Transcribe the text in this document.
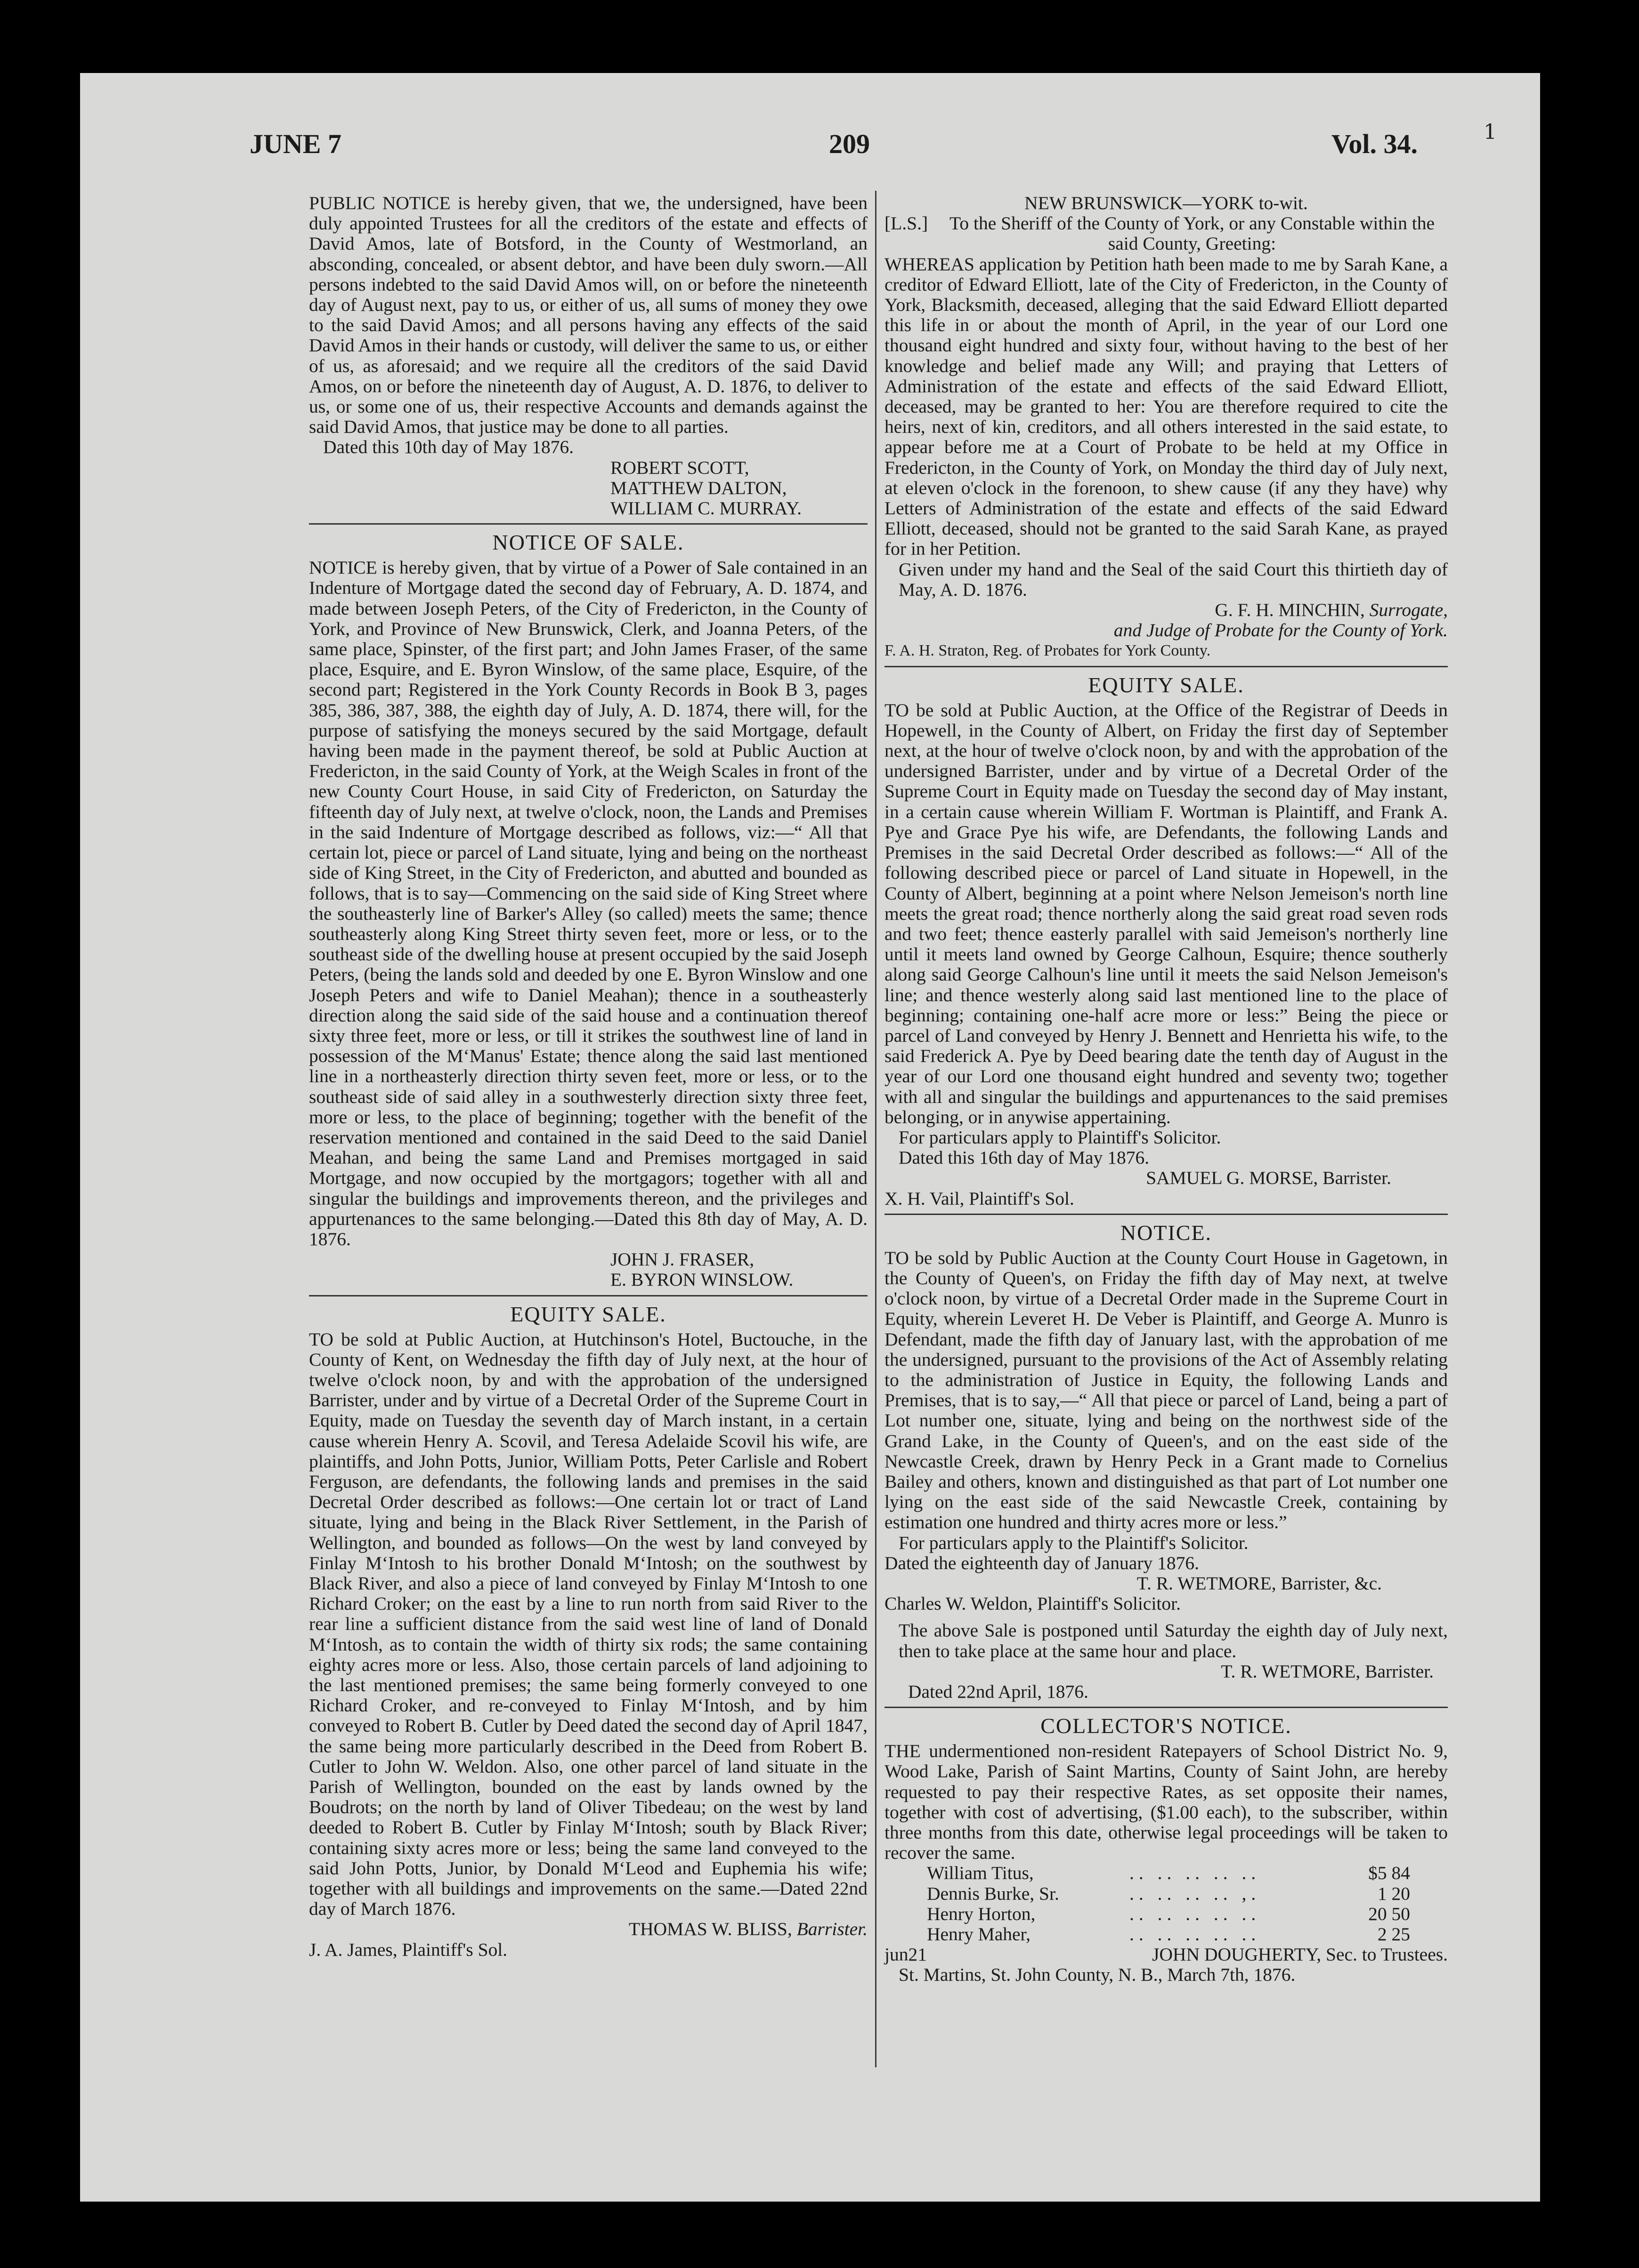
1
JUNE 7	209	Vol. 34.

PUBLIC NOTICE is hereby given, that we, the undersigned, have been duly appointed Trustees for all the creditors of the estate and effects of David Amos, late of Botsford, in the County of Westmorland, an absconding, concealed, or absent debtor, and have been duly sworn.—All persons indebted to the said David Amos will, on or before the nineteenth day of August next, pay to us, or either of us, all sums of money they owe to the said David Amos; and all persons having any effects of the said David Amos in their hands or custody, will deliver the same to us, or either of us, as aforesaid; and we require all the creditors of the said David Amos, on or before the nineteenth day of August, A. D. 1876, to deliver to us, or some one of us, their respective Accounts and demands against the said David Amos, that justice may be done to all parties.

Dated this 10th day of May 1876.

ROBERT SCOTT,

MATTHEW DALTON,

WILLIAM C. MURRAY.

NOTICE OF SALE.

NOTICE is hereby given, that by virtue of a Power of Sale contained in an Indenture of Mortgage dated the second day of February, A. D. 1874, and made between Joseph Peters, of the City of Fredericton, in the County of York, and Province of New Brunswick, Clerk, and Joanna Peters, of the same place, Spinster, of the first part; and John James Fraser, of the same place, Esquire, and E. Byron Winslow, of the same place, Esquire, of the second part; Registered in the York County Records in Book B 3, pages 385, 386, 387, 388, the eighth day of July, A. D. 1874, there will, for the purpose of satisfying the moneys secured by the said Mortgage, default having been made in the payment thereof, be sold at Public Auction at Fredericton, in the said County of York, at the Weigh Scales in front of the new County Court House, in said City of Fredericton, on Saturday the fifteenth day of July next, at twelve o'clock, noon, the Lands and Premises in the said Indenture of Mortgage described as follows, viz:—“ All that certain lot, piece or parcel of Land situate, lying and being on the northeast side of King Street, in the City of Fredericton, and abutted and bounded as follows, that is to say—Commencing on the said side of King Street where the southeasterly line of Barker's Alley (so called) meets the same; thence southeasterly along King Street thirty seven feet, more or less, or to the southeast side of the dwelling house at present occupied by the said Joseph Peters, (being the lands sold and deeded by one E. Byron Winslow and one Joseph Peters and wife to Daniel Meahan); thence in a southeasterly direction along the said side of the said house and a continuation thereof sixty three feet, more or less, or till it strikes the southwest line of land in possession of the M‘Manus' Estate; thence along the said last mentioned line in a northeasterly direction thirty seven feet, more or less, or to the southeast side of said alley in a southwesterly direction sixty three feet, more or less, to the place of beginning; together with the benefit of the reservation mentioned and contained in the said Deed to the said Daniel Meahan, and being the same Land and Premises mortgaged in said Mortgage, and now occupied by the mortgagors; together with all and singular the buildings and improvements thereon, and the privileges and appurtenances to the same belonging.—Dated this 8th day of May, A. D. 1876.

JOHN J. FRASER,

E. BYRON WINSLOW.

EQUITY SALE.

TO be sold at Public Auction, at Hutchinson's Hotel, Buctouche, in the County of Kent, on Wednesday the fifth day of July next, at the hour of twelve o'clock noon, by and with the approbation of the undersigned Barrister, under and by virtue of a Decretal Order of the Supreme Court in Equity, made on Tuesday the seventh day of March instant, in a certain cause wherein Henry A. Scovil, and Teresa Adelaide Scovil his wife, are plaintiffs, and John Potts, Junior, William Potts, Peter Carlisle and Robert Ferguson, are defendants, the following lands and premises in the said Decretal Order described as follows:—One certain lot or tract of Land situate, lying and being in the Black River Settlement, in the Parish of Wellington, and bounded as follows—On the west by land conveyed by Finlay M‘Intosh to his brother Donald M‘Intosh; on the southwest by Black River, and also a piece of land conveyed by Finlay M‘Intosh to one Richard Croker; on the east by a line to run north from said River to the rear line a sufficient distance from the said west line of land of Donald M‘Intosh, as to contain the width of thirty six rods; the same containing eighty acres more or less. Also, those certain parcels of land adjoining to the last mentioned premises; the same being formerly conveyed to one Richard Croker, and re-conveyed to Finlay M‘Intosh, and by him conveyed to Robert B. Cutler by Deed dated the second day of April 1847, the same being more particularly described in the Deed from Robert B. Cutler to John W. Weldon. Also, one other parcel of land situate in the Parish of Wellington, bounded on the east by lands owned by the Boudrots; on the north by land of Oliver Tibedeau; on the west by land deeded to Robert B. Cutler by Finlay M‘Intosh; south by Black River; containing sixty acres more or less; being the same land conveyed to the said John Potts, Junior, by Donald M‘Leod and Euphemia his wife; together with all buildings and improvements on the same.—Dated 22nd day of March 1876.

THOMAS W. BLISS, Barrister.

J. A. James, Plaintiff's Sol.

NEW BRUNSWICK—YORK to-wit.

[L.S.]	To the Sheriff of the County of York, or any Constable within the said County, Greeting:

WHEREAS application by Petition hath been made to me by Sarah Kane, a creditor of Edward Elliott, late of the City of Fredericton, in the County of York, Blacksmith, deceased, alleging that the said Edward Elliott departed this life in or about the month of April, in the year of our Lord one thousand eight hundred and sixty four, without having to the best of her knowledge and belief made any Will; and praying that Letters of Administration of the estate and effects of the said Edward Elliott, deceased, may be granted to her: You are therefore required to cite the heirs, next of kin, creditors, and all others interested in the said estate, to appear before me at a Court of Probate to be held at my Office in Fredericton, in the County of York, on Monday the third day of July next, at eleven o'clock in the forenoon, to shew cause (if any they have) why Letters of Administration of the estate and effects of the said Edward Elliott, deceased, should not be granted to the said Sarah Kane, as prayed for in her Petition.

Given under my hand and the Seal of the said Court this thirtieth day of May, A. D. 1876.

G. F. H. MINCHIN, Surrogate,

and Judge of Probate for the County of York.

F. A. H. Straton, Reg. of Probates for York County.

EQUITY SALE.

TO be sold at Public Auction, at the Office of the Registrar of Deeds in Hopewell, in the County of Albert, on Friday the first day of September next, at the hour of twelve o'clock noon, by and with the approbation of the undersigned Barrister, under and by virtue of a Decretal Order of the Supreme Court in Equity made on Tuesday the second day of May instant, in a certain cause wherein William F. Wortman is Plaintiff, and Frank A. Pye and Grace Pye his wife, are Defendants, the following Lands and Premises in the said Decretal Order described as follows:—“ All of the following described piece or parcel of Land situate in Hopewell, in the County of Albert, beginning at a point where Nelson Jemeison's north line meets the great road; thence northerly along the said great road seven rods and two feet; thence easterly parallel with said Jemeison's northerly line until it meets land owned by George Calhoun, Esquire; thence southerly along said George Calhoun's line until it meets the said Nelson Jemeison's line; and thence westerly along said last mentioned line to the place of beginning; containing one-half acre more or less:” Being the piece or parcel of Land conveyed by Henry J. Bennett and Henrietta his wife, to the said Frederick A. Pye by Deed bearing date the tenth day of August in the year of our Lord one thousand eight hundred and seventy two; together with all and singular the buildings and appurtenances to the said premises belonging, or in anywise appertaining.

For particulars apply to Plaintiff's Solicitor.

Dated this 16th day of May 1876.

SAMUEL G. MORSE, Barrister.

X. H. Vail, Plaintiff's Sol.

NOTICE.

TO be sold by Public Auction at the County Court House in Gagetown, in the County of Queen's, on Friday the fifth day of May next, at twelve o'clock noon, by virtue of a Decretal Order made in the Supreme Court in Equity, wherein Leveret H. De Veber is Plaintiff, and George A. Munro is Defendant, made the fifth day of January last, with the approbation of me the undersigned, pursuant to the provisions of the Act of Assembly relating to the administration of Justice in Equity, the following Lands and Premises, that is to say,—“ All that piece or parcel of Land, being a part of Lot number one, situate, lying and being on the northwest side of the Grand Lake, in the County of Queen's, and on the east side of the Newcastle Creek, drawn by Henry Peck in a Grant made to Cornelius Bailey and others, known and distinguished as that part of Lot number one lying on the east side of the said Newcastle Creek, containing by estimation one hundred and thirty acres more or less.”

For particulars apply to the Plaintiff's Solicitor.

Dated the eighteenth day of January 1876.

T. R. WETMORE, Barrister, &c.

Charles W. Weldon, Plaintiff's Solicitor.

The above Sale is postponed until Saturday the eighth day of July next, then to take place at the same hour and place.

T. R. WETMORE, Barrister.

Dated 22nd April, 1876.

COLLECTOR'S NOTICE.

THE undermentioned non-resident Ratepayers of School District No. 9, Wood Lake, Parish of Saint Martins, County of Saint John, are hereby requested to pay their respective Rates, as set opposite their names, together with cost of advertising, ($1.00 each), to the subscriber, within three months from this date, otherwise legal proceedings will be taken to recover the same.

William Titus,	.. .. .. .. ..	$5 84
Dennis Burke, Sr.	.. .. .. .. ,.	1 20
Henry Horton,	.. .. .. .. ..	20 50
Henry Maher,	.. .. .. .. ..	2 25

jun21	JOHN DOUGHERTY, Sec. to Trustees.

St. Martins, St. John County, N. B., March 7th, 1876.
